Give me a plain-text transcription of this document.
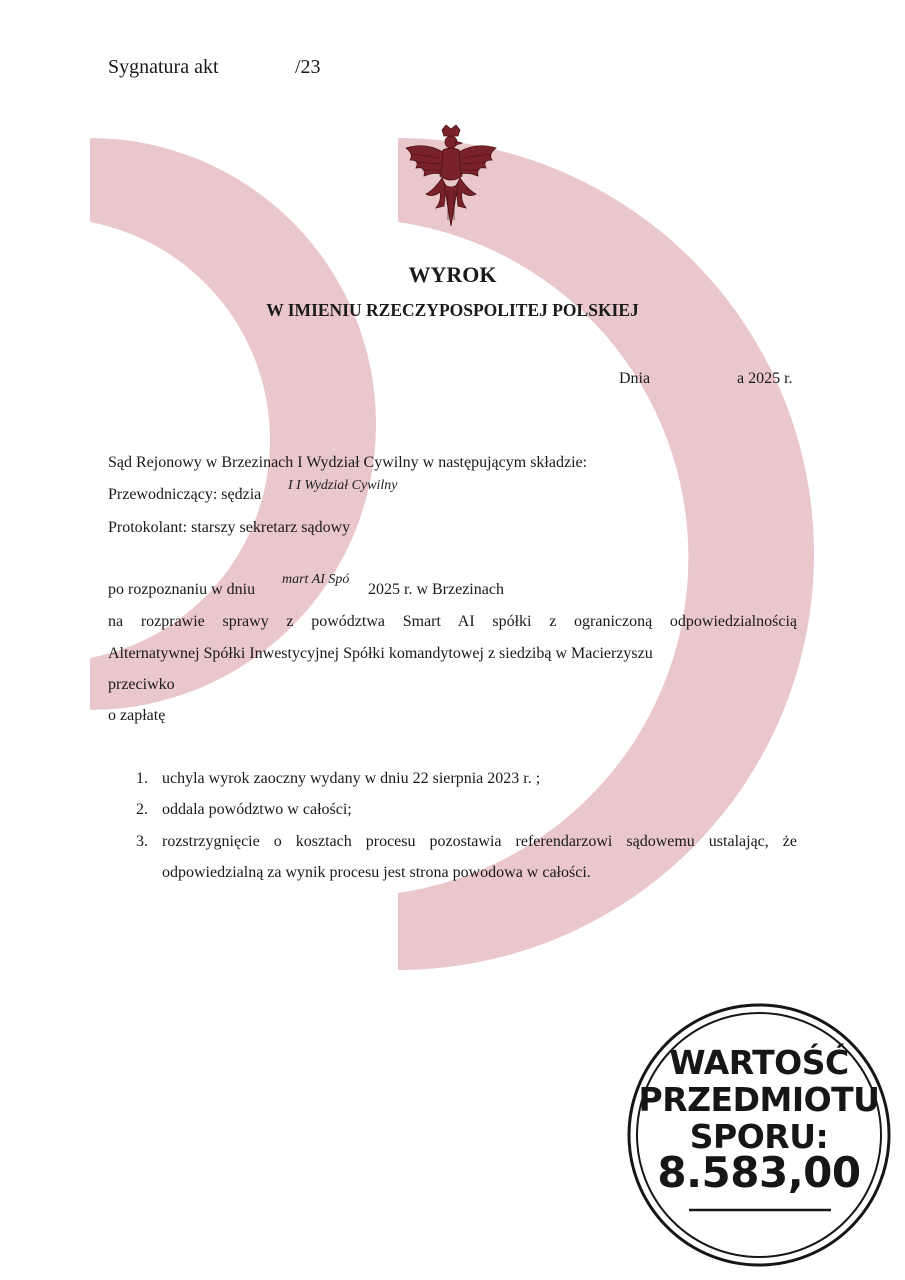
Sygnatura akt	/23
WYROK
W IMIENIU RZECZYPOSPOLITEJ POLSKIEJ
Dnia	a 2025 r.
Sąd Rejonowy w Brzezinach I Wydział Cywilny w następującym składzie:
Przewodniczący: sędzia
I I Wydział Cywilny
Protokolant: starszy sekretarz sądowy
po rozpoznaniu w dniu
mart AI Spó
2025 r. w Brzezinach
na rozprawie sprawy z powództwa Smart AI spółki z ograniczoną odpowiedzialnością
Alternatywnej Spółki Inwestycyjnej Spółki komandytowej z siedzibą w Macierzyszu
przeciwko
o zapłatę
1. uchyla wyrok zaoczny wydany w dniu 22 sierpnia 2023 r. ;
2. oddala powództwo w całości;
3. rozstrzygnięcie o kosztach procesu pozostawia referendarzowi sądowemu ustalając, że
odpowiedzialną za wynik procesu jest strona powodowa w całości.
WARTOŚĆ
PRZEDMIOTU
SPORU:
8.583,00
